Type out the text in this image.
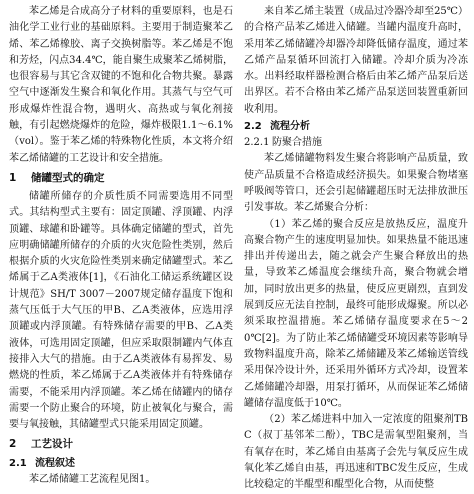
苯乙烯是合成高分子材料的重要原料，也是石油化学工业行业的基础原料。主要用于制造聚苯乙烯、苯乙烯橡胶、离子交换树脂等。苯乙烯是不饱和芳烃，闪点34.4℃，能自聚生成聚苯乙烯树脂，也很容易与其它含双键的不饱和化合物共聚。暴露空气中逐渐发生聚合和氧化作用。其蒸气与空气可形成爆炸性混合物，遇明火、高热或与氧化剂接触，有引起燃烧爆炸的危险，爆炸极限1.1～6.1%（vol）。鉴于苯乙烯的特殊物化性质，本文将介绍苯乙烯储罐的工艺设计和安全措施。

1 储罐型式的确定

储罐所储存的介质性质不同需要选用不同型式。其结构型式主要有：固定顶罐、浮顶罐、内浮顶罐、球罐和卧罐等。具体确定储罐的型式，首先应明确储罐所储存的介质的火灾危险性类别，然后根据介质的火灾危险性类别来确定储罐型式。苯乙烯属于乙A类液体[1]，《石油化工储运系统罐区设计规范》SH/T 3007－2007规定储存温度下饱和蒸气压低于大气压的甲B、乙A类液体，应选用浮顶罐或内浮顶罐。有特殊储存需要的甲B、乙A类液体，可选用固定顶罐，但应采取限制罐内气体直接排入大气的措施。由于乙A类液体有易挥发、易燃烧的性质，苯乙烯属于乙A类液体并有特殊储存需要，不能采用内浮顶罐。苯乙烯在储罐内的储存需要一个防止聚合的环境，防止被氧化与聚合，需要与氧接触，其储罐型式只能采用固定顶罐。

2 工艺设计
2.1 流程叙述

苯乙烯储罐工艺流程见图1。

来自苯乙烯主装置（成品过冷器冷却至25℃）的合格产品苯乙烯进入储罐。当罐内温度升高时，采用苯乙烯储罐冷却器冷却降低储存温度，通过苯乙烯产品泵循环回流打入储罐。冷却介质为冷冻水。出料经取样器检测合格后由苯乙烯产品泵后送出界区。若不合格由苯乙烯产品泵送回装置重新回收利用。

2.2 流程分析
2.2.1 防聚合措施

苯乙烯储罐物料发生聚合将影响产品质量，致使产品质量不合格造成经济损失。如果聚合物堵塞呼吸阀等管口，还会引起储罐超压时无法排放泄压引发事故。苯乙烯聚合分析：

（1）苯乙烯的聚合反应是放热反应，温度升高聚合物产生的速度明显加快。如果热量不能迅速排出并传递出去，随之就会产生聚合释放出的热量，导致苯乙烯温度会继续升高，聚合物就会增加，同时放出更多的热量，使反应更剧烈，直到发展到反应无法自控制，最终可能形成爆聚。所以必须采取控温措施。苯乙烯储存温度要求在5～20℃[2]。为了防止苯乙烯储罐受环境因素等影响导致物料温度升高，除苯乙烯储罐及苯乙烯输送管线采用保冷设计外，还采用外循环方式冷却，设置苯乙烯储罐冷却器，用泵打循环，从而保证苯乙烯储罐储存温度低于10℃。

（2）苯乙烯进料中加入一定浓度的阻聚剂TBC（叔丁基邻苯二酚），TBC是需氧型阻聚剂，当有氧存在时，苯乙烯自由基离子会先与氧反应生成氧化苯乙烯自由基，再迅速和TBC发生反应，生成比较稳定的半醌型和醌型化合物，从而使整
